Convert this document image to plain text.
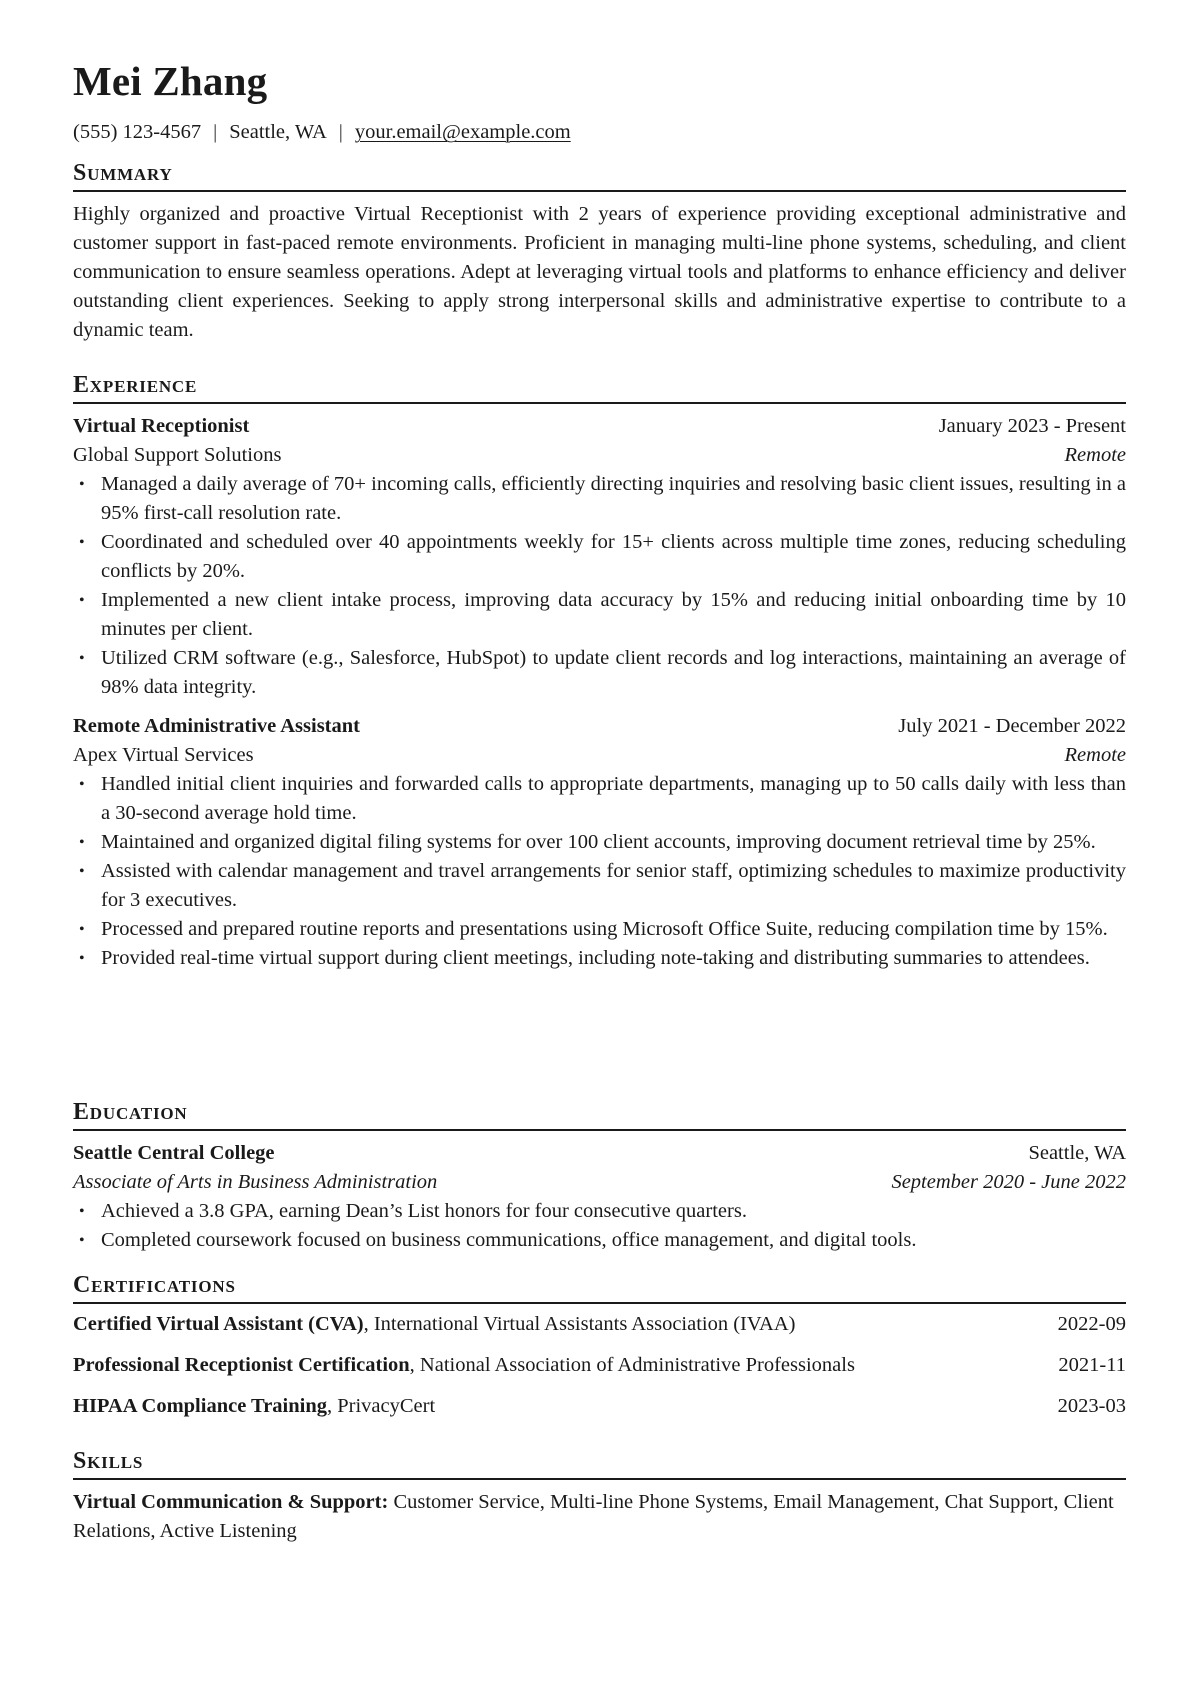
Mei Zhang
(555) 123-4567 | Seattle, WA | your.email@example.com
Summary

Highly organized and proactive Virtual Receptionist with 2 years of experience providing exceptional administrative and customer support in fast-paced remote environments. Proficient in managing multi-line phone systems, scheduling, and client communication to ensure seamless operations. Adept at leveraging virtual tools and platforms to enhance efficiency and deliver outstanding client experiences. Seeking to apply strong interpersonal skills and administrative expertise to contribute to a dynamic team.

Experience
Virtual Receptionist	January 2023 - Present
Global Support Solutions	Remote
• Managed a daily average of 70+ incoming calls, efficiently directing inquiries and resolving basic client issues, resulting in a 95% first-call resolution rate.
• Coordinated and scheduled over 40 appointments weekly for 15+ clients across multiple time zones, reducing scheduling conflicts by 20%.
• Implemented a new client intake process, improving data accuracy by 15% and reducing initial onboarding time by 10 minutes per client.
• Utilized CRM software (e.g., Salesforce, HubSpot) to update client records and log interactions, maintaining an average of 98% data integrity.
Remote Administrative Assistant	July 2021 - December 2022
Apex Virtual Services	Remote
• Handled initial client inquiries and forwarded calls to appropriate departments, managing up to 50 calls daily with less than a 30-second average hold time.
• Maintained and organized digital filing systems for over 100 client accounts, improving document retrieval time by 25%.
• Assisted with calendar management and travel arrangements for senior staff, optimizing schedules to maximize productivity for 3 executives.
• Processed and prepared routine reports and presentations using Microsoft Office Suite, reducing compilation time by 15%.
• Provided real-time virtual support during client meetings, including note-taking and distributing summaries to attendees.
Education
Seattle Central College	Seattle, WA
Associate of Arts in Business Administration	September 2020 - June 2022
• Achieved a 3.8 GPA, earning Dean’s List honors for four consecutive quarters.
• Completed coursework focused on business communications, office management, and digital tools.
Certifications
Certified Virtual Assistant (CVA), International Virtual Assistants Association (IVAA)	2022-09
Professional Receptionist Certification, National Association of Administrative Professionals	2021-11
HIPAA Compliance Training, PrivacyCert	2023-03
Skills

Virtual Communication & Support: Customer Service, Multi-line Phone Systems, Email Management, Chat Support, Client Relations, Active Listening
